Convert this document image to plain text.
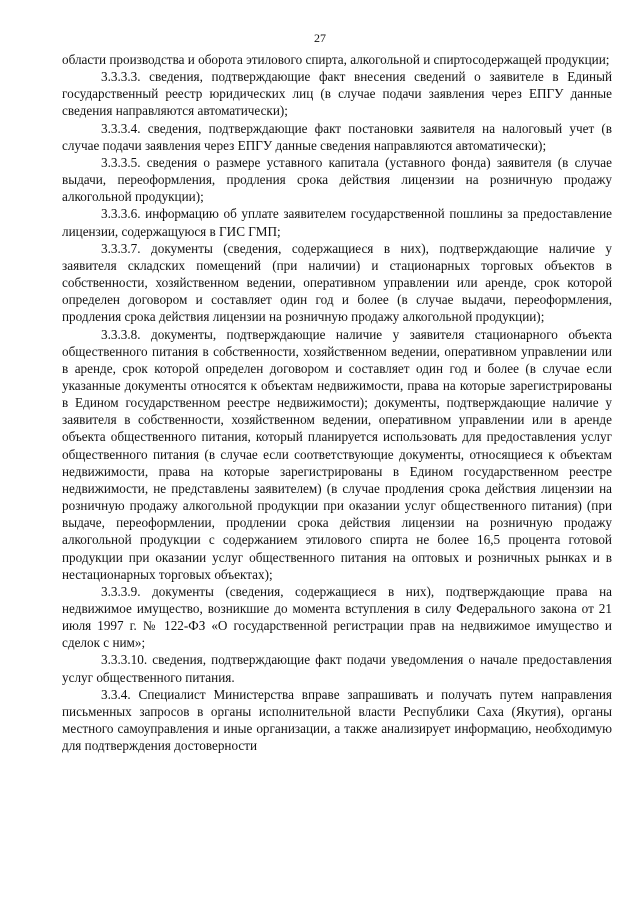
27

области производства и оборота этилового спирта, алкогольной и спиртосодержащей продукции;

3.3.3.3. сведения, подтверждающие факт внесения сведений о заявителе в Единый государственный реестр юридических лиц (в случае подачи заявления через ЕПГУ данные сведения направляются автоматически);

3.3.3.4. сведения, подтверждающие факт постановки заявителя на налоговый учет (в случае подачи заявления через ЕПГУ данные сведения направляются автоматически);

3.3.3.5. сведения о размере уставного капитала (уставного фонда) заявителя (в случае выдачи, переоформления, продления срока действия лицензии на розничную продажу алкогольной продукции);

3.3.3.6. информацию об уплате заявителем государственной пошлины за предоставление лицензии, содержащуюся в ГИС ГМП;

3.3.3.7. документы (сведения, содержащиеся в них), подтверждающие наличие у заявителя складских помещений (при наличии) и стационарных торговых объектов в собственности, хозяйственном ведении, оперативном управлении или аренде, срок которой определен договором и составляет один год и более (в случае выдачи, переоформления, продления срока действия лицензии на розничную продажу алкогольной продукции);

3.3.3.8. документы, подтверждающие наличие у заявителя стационарного объекта общественного питания в собственности, хозяйственном ведении, оперативном управлении или в аренде, срок которой определен договором и составляет один год и более (в случае если указанные документы относятся к объектам недвижимости, права на которые зарегистрированы в Едином государственном реестре недвижимости); документы, подтверждающие наличие у заявителя в собственности, хозяйственном ведении, оперативном управлении или в аренде объекта общественного питания, который планируется использовать для предоставления услуг общественного питания (в случае если соответствующие документы, относящиеся к объектам недвижимости, права на которые зарегистрированы в Едином государственном реестре недвижимости, не представлены заявителем) (в случае продления срока действия лицензии на розничную продажу алкогольной продукции при оказании услуг общественного питания) (при выдаче, переоформлении, продлении срока действия лицензии на розничную продажу алкогольной продукции с содержанием этилового спирта не более 16,5 процента готовой продукции при оказании услуг общественного питания на оптовых и розничных рынках и в нестационарных торговых объектах);

3.3.3.9. документы (сведения, содержащиеся в них), подтверждающие права на недвижимое имущество, возникшие до момента вступления в силу Федерального закона от 21 июля 1997 г. № 122-ФЗ «О государственной регистрации прав на недвижимое имущество и сделок с ним»;

3.3.3.10. сведения, подтверждающие факт подачи уведомления о начале предоставления услуг общественного питания.

3.3.4. Специалист Министерства вправе запрашивать и получать путем направления письменных запросов в органы исполнительной власти Республики Саха (Якутия), органы местного самоуправления и иные организации, а также анализирует информацию, необходимую для подтверждения достоверности
